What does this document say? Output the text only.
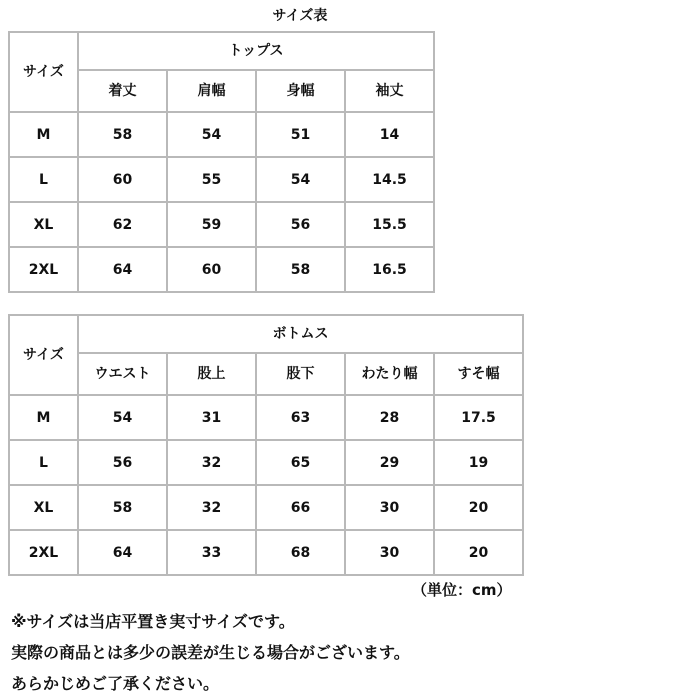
サイズ表
サイズ	トップス			
	着丈	肩幅	身幅	袖丈
M	58	54	51	14
L	60	55	54	14.5
XL	62	59	56	15.5
2XL	64	60	58	16.5
サイズ	ボトムス				
	ウエスト	股上	股下	わたり幅	すそ幅
M	54	31	63	28	17.5
L	56	32	65	29	19
XL	58	32	66	30	20
2XL	64	33	68	30	20
（単位：cm）
※サイズは当店平置き実寸サイズです。
実際の商品とは多少の誤差が生じる場合がございます。
あらかじめご了承ください。
